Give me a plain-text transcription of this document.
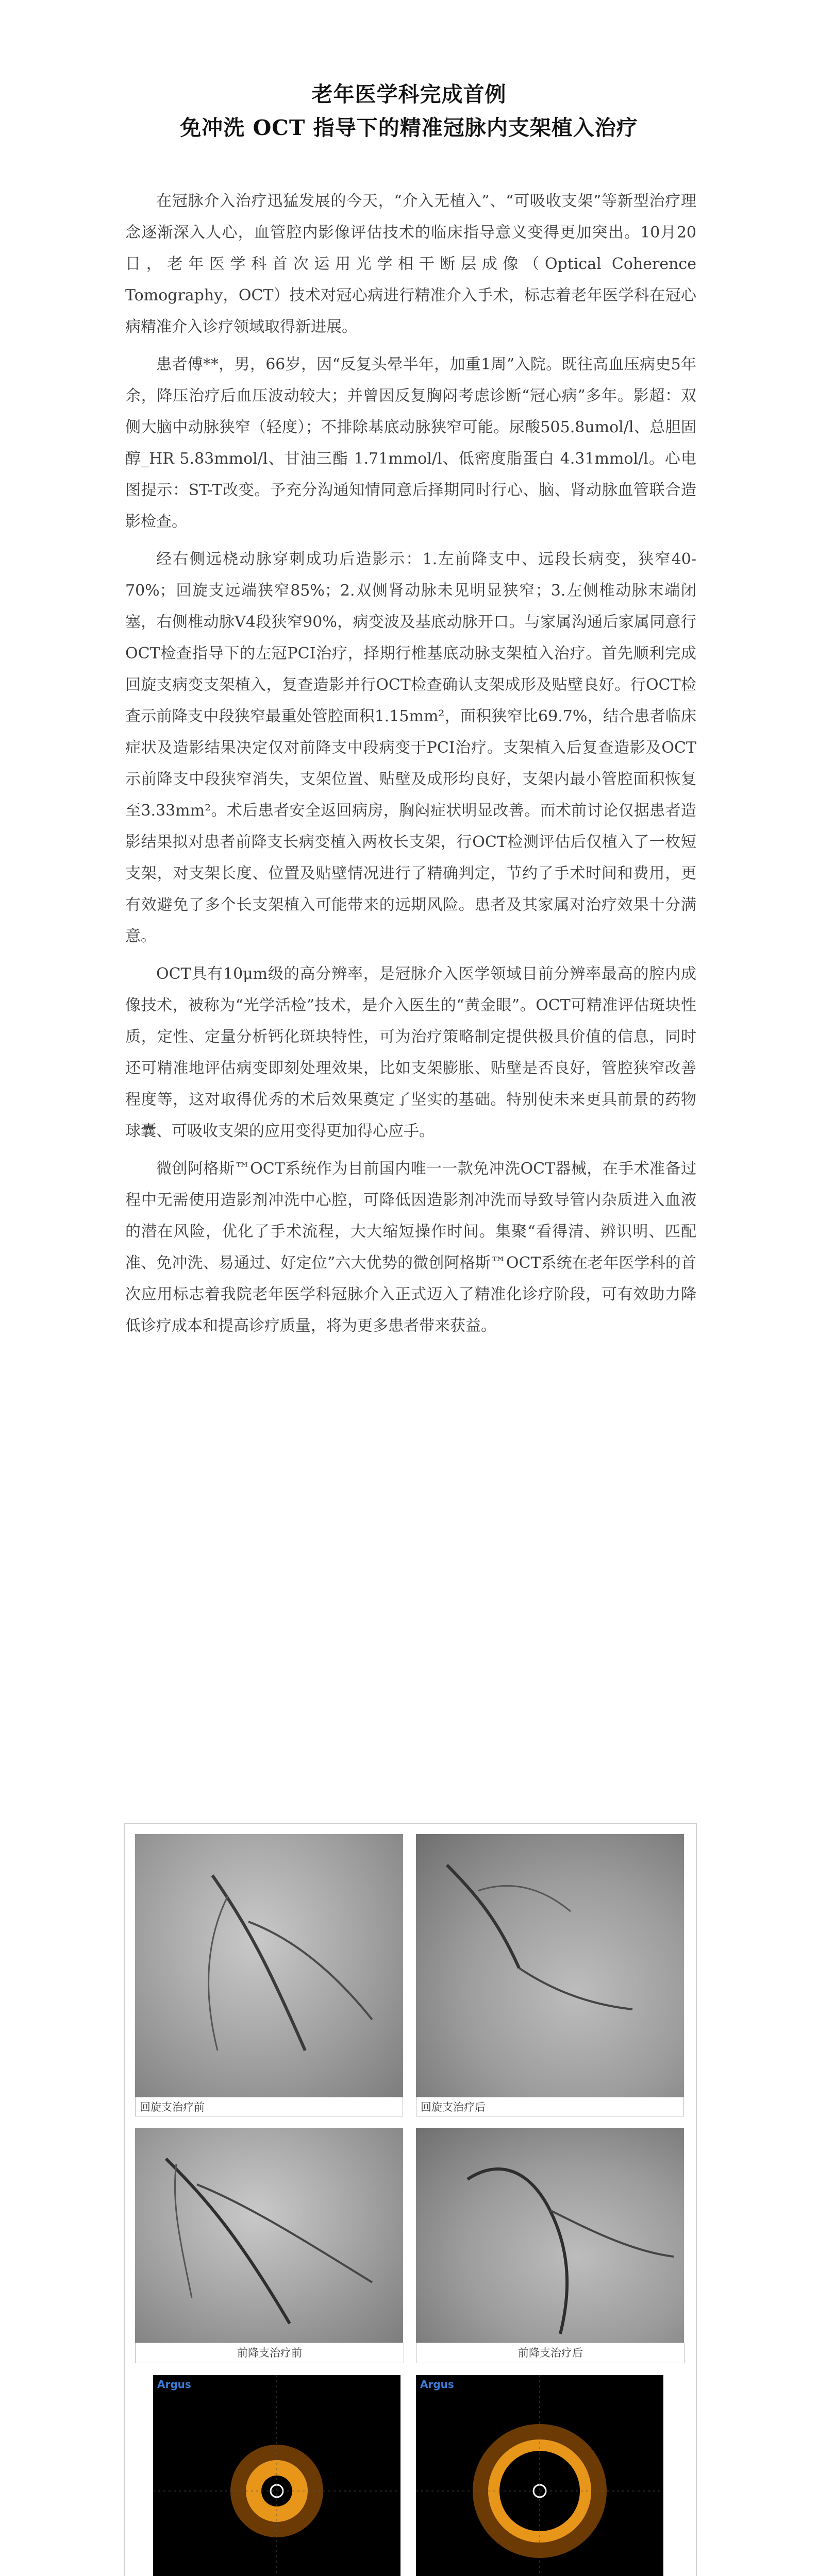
老年医学科完成首例
免冲洗 OCT 指导下的精准冠脉内支架植入治疗

在冠脉介入治疗迅猛发展的今天，“介入无植入”、“可吸收支架”等新型治疗理念逐渐深入人心，血管腔内影像评估技术的临床指导意义变得更加突出。10月20日，老年医学科首次运用光学相干断层成像（Optical Coherence Tomography，OCT）技术对冠心病进行精准介入手术，标志着老年医学科在冠心病精准介入诊疗领域取得新进展。

患者傅**，男，66岁，因“反复头晕半年，加重1周”入院。既往高血压病史5年余，降压治疗后血压波动较大；并曾因反复胸闷考虑诊断“冠心病”多年。影超：双侧大脑中动脉狭窄（轻度）；不排除基底动脉狭窄可能。尿酸505.8umol/l、总胆固醇_HR 5.83mmol/l、甘油三酯 1.71mmol/l、低密度脂蛋白 4.31mmol/l。心电图提示：ST-T改变。予充分沟通知情同意后择期同时行心、脑、肾动脉血管联合造影检查。

经右侧远桡动脉穿刺成功后造影示：1.左前降支中、远段长病变，狭窄40-70%；回旋支远端狭窄85%；2.双侧肾动脉未见明显狭窄；3.左侧椎动脉末端闭塞，右侧椎动脉V4段狭窄90%，病变波及基底动脉开口。与家属沟通后家属同意行OCT检查指导下的左冠PCI治疗，择期行椎基底动脉支架植入治疗。首先顺利完成回旋支病变支架植入，复查造影并行OCT检查确认支架成形及贴壁良好。行OCT检查示前降支中段狭窄最重处管腔面积1.15mm²，面积狭窄比69.7%，结合患者临床症状及造影结果决定仅对前降支中段病变于PCI治疗。支架植入后复查造影及OCT示前降支中段狭窄消失，支架位置、贴壁及成形均良好，支架内最小管腔面积恢复至3.33mm²。术后患者安全返回病房，胸闷症状明显改善。而术前讨论仅据患者造影结果拟对患者前降支长病变植入两枚长支架，行OCT检测评估后仅植入了一枚短支架，对支架长度、位置及贴壁情况进行了精确判定，节约了手术时间和费用，更有效避免了多个长支架植入可能带来的远期风险。患者及其家属对治疗效果十分满意。

OCT具有10μm级的高分辨率，是冠脉介入医学领域目前分辨率最高的腔内成像技术，被称为“光学活检”技术，是介入医生的“黄金眼”。OCT可精准评估斑块性质，定性、定量分析钙化斑块特性，可为治疗策略制定提供极具价值的信息，同时还可精准地评估病变即刻处理效果，比如支架膨胀、贴壁是否良好，管腔狭窄改善程度等，这对取得优秀的术后效果奠定了坚实的基础。特别使未来更具前景的药物球囊、可吸收支架的应用变得更加得心应手。

微创阿格斯™OCT系统作为目前国内唯一一款免冲洗OCT器械，在手术准备过程中无需使用造影剂冲洗中心腔，可降低因造影剂冲洗而导致导管内杂质进入血液的潜在风险，优化了手术流程，大大缩短操作时间。集聚“看得清、辨识明、匹配准、免冲洗、易通过、好定位”六大优势的微创阿格斯™OCT系统在老年医学科的首次应用标志着我院老年医学科冠脉介入正式迈入了精准化诊疗阶段，可有效助力降低诊疗成本和提高诊疗质量，将为更多患者带来获益。

回旋支治疗前	回旋支治疗后
前降支治疗前	前降支治疗后
Argus	Argus
